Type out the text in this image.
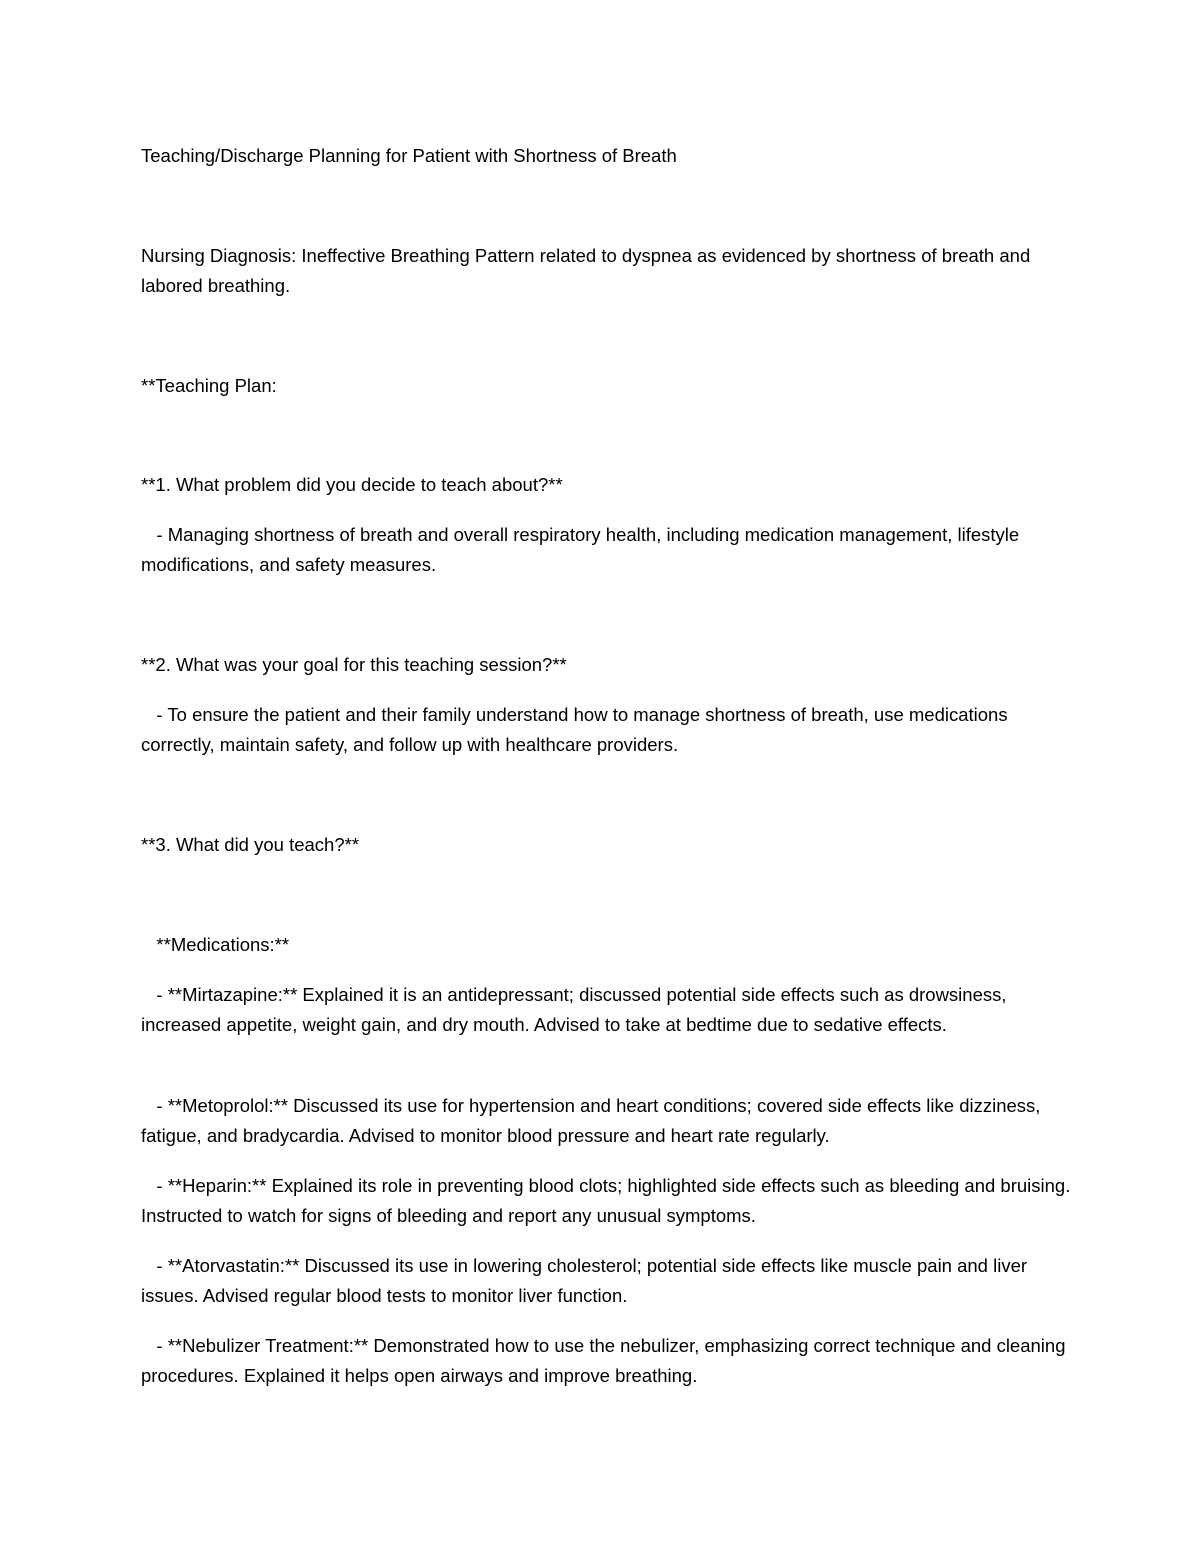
Teaching/Discharge Planning for Patient with Shortness of Breath
Nursing Diagnosis: Ineffective Breathing Pattern related to dyspnea as evidenced by shortness of breath and labored breathing.
**Teaching Plan:
**1. What problem did you decide to teach about?**
- Managing shortness of breath and overall respiratory health, including medication management, lifestyle modifications, and safety measures.
**2. What was your goal for this teaching session?**
- To ensure the patient and their family understand how to manage shortness of breath, use medications correctly, maintain safety, and follow up with healthcare providers.
**3. What did you teach?**
**Medications:**
- **Mirtazapine:** Explained it is an antidepressant; discussed potential side effects such as drowsiness, increased appetite, weight gain, and dry mouth. Advised to take at bedtime due to sedative effects.
- **Metoprolol:** Discussed its use for hypertension and heart conditions; covered side effects like dizziness, fatigue, and bradycardia. Advised to monitor blood pressure and heart rate regularly.
- **Heparin:** Explained its role in preventing blood clots; highlighted side effects such as bleeding and bruising. Instructed to watch for signs of bleeding and report any unusual symptoms.
- **Atorvastatin:** Discussed its use in lowering cholesterol; potential side effects like muscle pain and liver issues. Advised regular blood tests to monitor liver function.
- **Nebulizer Treatment:** Demonstrated how to use the nebulizer, emphasizing correct technique and cleaning procedures. Explained it helps open airways and improve breathing.
